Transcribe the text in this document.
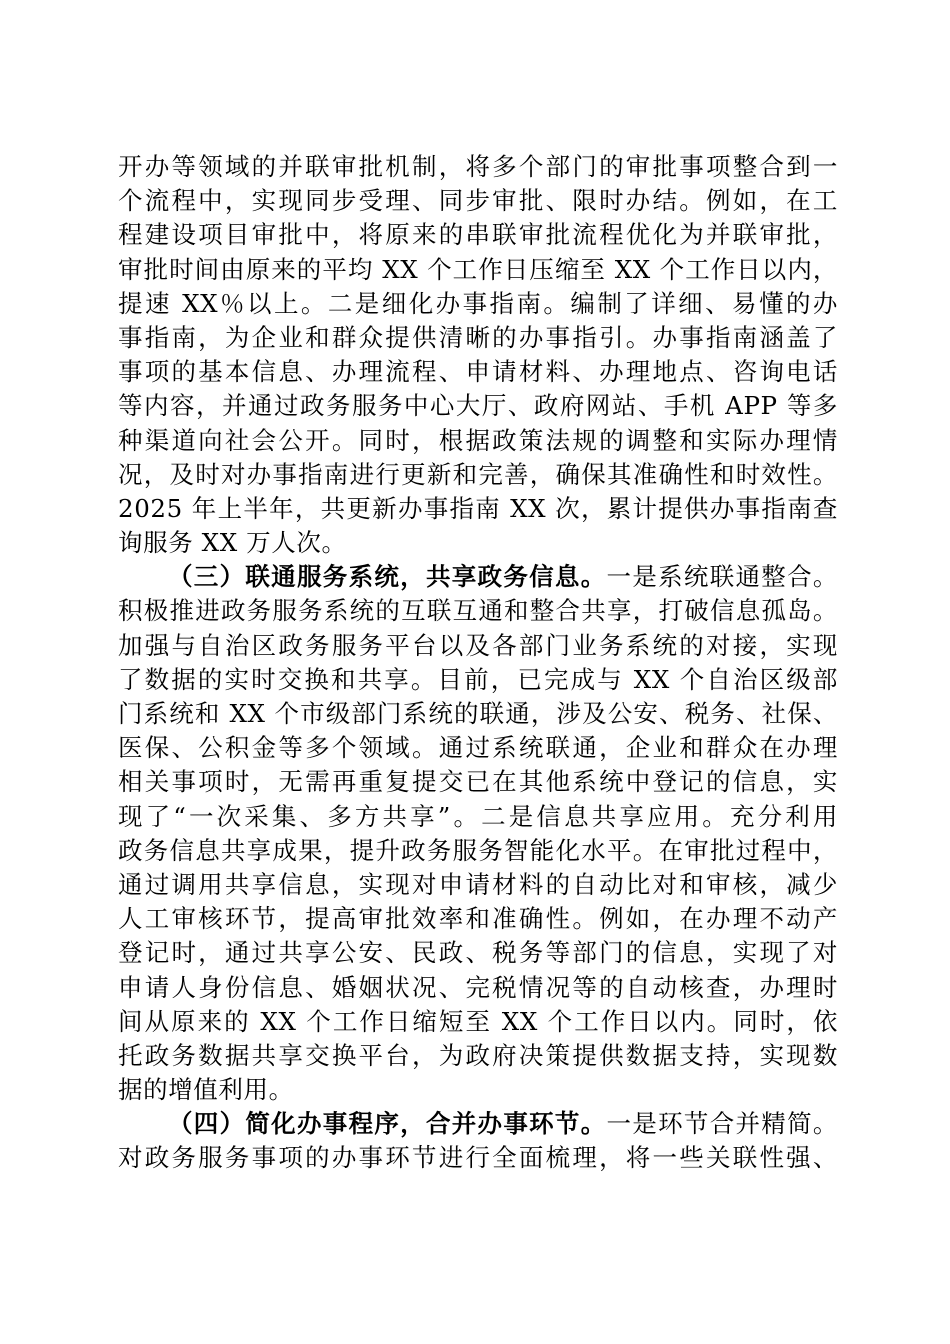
开办等领域的并联审批机制，将多个部门的审批事项整合到一
个流程中，实现同步受理、同步审批、限时办结。例如，在工
程建设项目审批中，将原来的串联审批流程优化为并联审批，
审批时间由原来的平均 XX 个工作日压缩至 XX 个工作日以内，
提速 XX％以上。二是细化办事指南。编制了详细、易懂的办
事指南，为企业和群众提供清晰的办事指引。办事指南涵盖了
事项的基本信息、办理流程、申请材料、办理地点、咨询电话
等内容，并通过政务服务中心大厅、政府网站、手机 APP 等多
种渠道向社会公开。同时，根据政策法规的调整和实际办理情
况，及时对办事指南进行更新和完善，确保其准确性和时效性。
2025 年上半年，共更新办事指南 XX 次，累计提供办事指南查
询服务 XX 万人次。
（三）联通服务系统，共享政务信息。一是系统联通整合。
积极推进政务服务系统的互联互通和整合共享，打破信息孤岛。
加强与自治区政务服务平台以及各部门业务系统的对接，实现
了数据的实时交换和共享。目前，已完成与 XX 个自治区级部
门系统和 XX 个市级部门系统的联通，涉及公安、税务、社保、
医保、公积金等多个领域。通过系统联通，企业和群众在办理
相关事项时，无需再重复提交已在其他系统中登记的信息，实
现了“一次采集、多方共享”。二是信息共享应用。充分利用
政务信息共享成果，提升政务服务智能化水平。在审批过程中，
通过调用共享信息，实现对申请材料的自动比对和审核，减少
人工审核环节，提高审批效率和准确性。例如，在办理不动产
登记时，通过共享公安、民政、税务等部门的信息，实现了对
申请人身份信息、婚姻状况、完税情况等的自动核查，办理时
间从原来的 XX 个工作日缩短至 XX 个工作日以内。同时，依
托政务数据共享交换平台，为政府决策提供数据支持，实现数
据的增值利用。
（四）简化办事程序，合并办事环节。一是环节合并精简。
对政务服务事项的办事环节进行全面梳理，将一些关联性强、
